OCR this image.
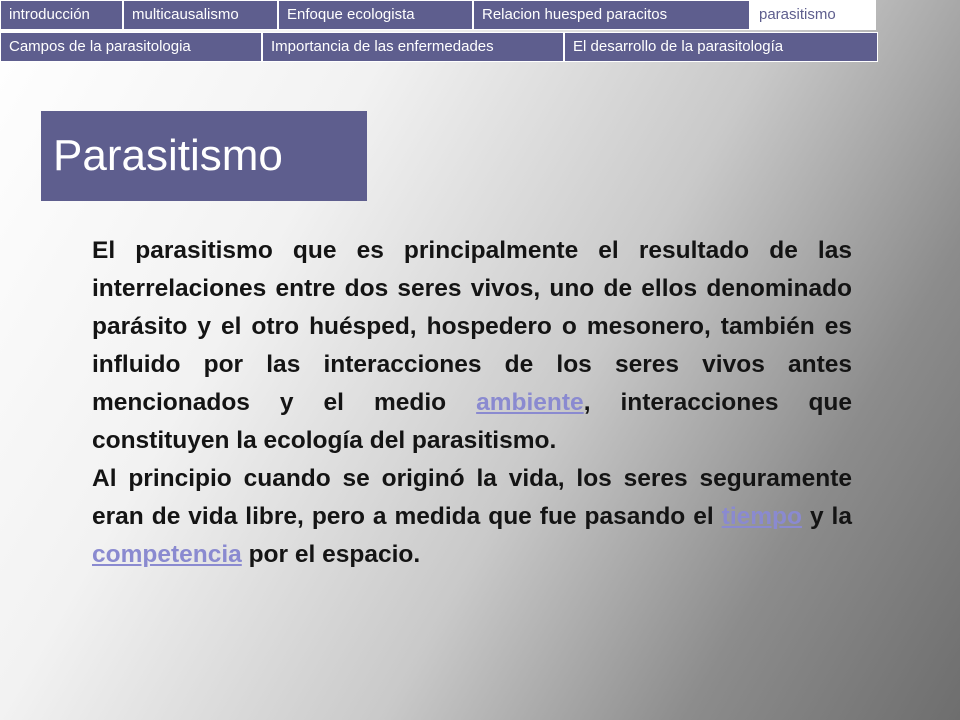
introducción	multicausalismo	Enfoque ecologista	Relacion huesped paracitos	parasitismo
Campos de la parasitologia	Importancia de las enfermedades	El desarrollo de la parasitología
Parasitismo

El parasitismo que es principalmente el resultado de las interrelaciones entre dos seres vivos, uno de ellos denominado parásito y el otro huésped, hospedero o mesonero, también es influido por las interacciones de los seres vivos antes mencionados y el medio ambiente, interacciones que constituyen la ecología del parasitismo.

Al principio cuando se originó la vida, los seres seguramente eran de vida libre, pero a medida que fue pasando el tiempo y la competencia por el espacio.
